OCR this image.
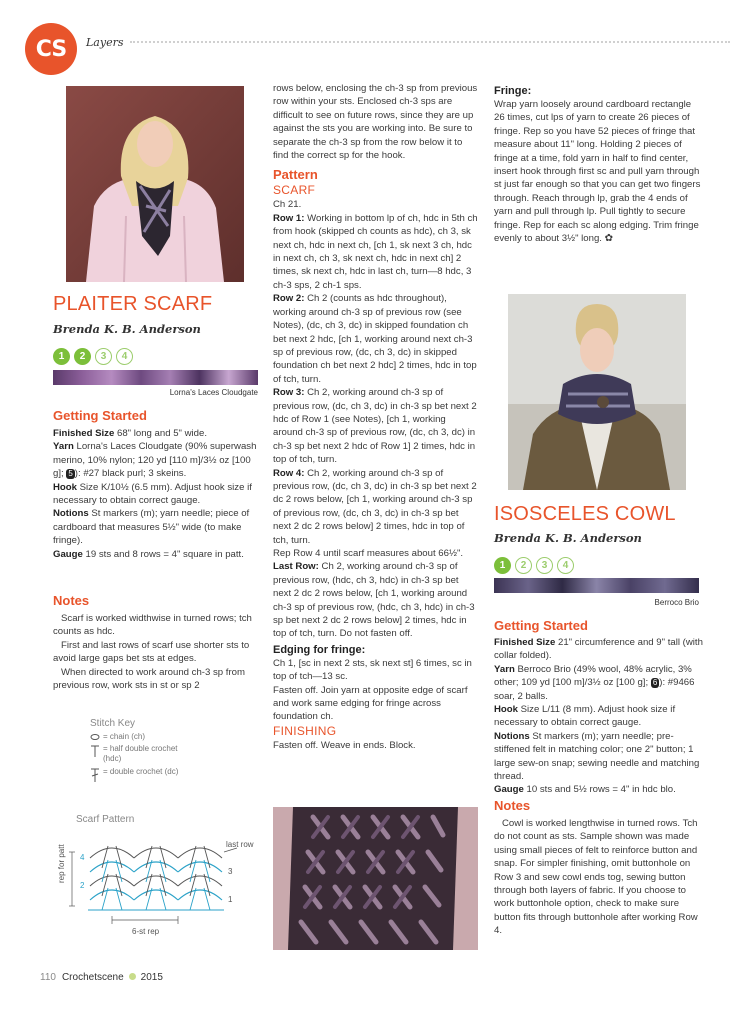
CS	Layers
PLAITER SCARF
Brenda K. B. Anderson
1 2 3 4
Lorna's Laces Cloudgate
Getting Started

Finished Size 68" long and 5" wide.

Yarn Lorna's Laces Cloudgate (90% superwash merino, 10% nylon; 120 yd [110 m]/3½ oz [100 g]; 5 ): #27 black purl; 3 skeins.

Hook Size K/10½ (6.5 mm). Adjust hook size if necessary to obtain correct gauge.

Notions St markers (m); yarn needle; piece of cardboard that measures 5½" wide (to make fringe).

Gauge 19 sts and 8 rows = 4" square in patt.

Notes

Scarf is worked widthwise in turned rows; tch counts as hdc.

First and last rows of scarf use shorter sts to avoid large gaps bet sts at edges.

When directed to work around ch-3 sp from previous row, work sts in st or sp 2

Stitch Key
= chain (ch)
= half double crochet (hdc)
= double crochet (dc)
Scarf Pattern
rep for patt 4
3
2
1
last row
6-st rep

rows below, enclosing the ch-3 sp from previous row within your sts. Enclosed ch-3 sps are difficult to see on future rows, since they are up against the sts you are working into. Be sure to separate the ch-3 sp from the row below it to find the correct sp for the hook.

Pattern
SCARF

Ch 21.

Row 1: Working in bottom lp of ch, hdc in 5th ch from hook (skipped ch counts as hdc), ch 3, sk next ch, hdc in next ch, [ch 1, sk next 3 ch, hdc in next ch, ch 3, sk next ch, hdc in next ch] 2 times, sk next ch, hdc in last ch, turn—8 hdc, 3 ch-3 sps, 2 ch-1 sps.

Row 2: Ch 2 (counts as hdc throughout), working around ch-3 sp of previous row (see Notes), (dc, ch 3, dc) in skipped foundation ch bet next 2 hdc, [ch 1, working around next ch-3 sp of previous row, (dc, ch 3, dc) in skipped foundation ch bet next 2 hdc] 2 times, hdc in top of tch, turn.

Row 3: Ch 2, working around ch-3 sp of previous row, (dc, ch 3, dc) in ch-3 sp bet next 2 hdc of Row 1 (see Notes), [ch 1, working around ch-3 sp of previous row, (dc, ch 3, dc) in ch-3 sp bet next 2 hdc of Row 1] 2 times, hdc in top of tch, turn.

Row 4: Ch 2, working around ch-3 sp of previous row, (dc, ch 3, dc) in ch-3 sp bet next 2 dc 2 rows below, [ch 1, working around ch-3 sp of previous row, (dc, ch 3, dc) in ch-3 sp bet next 2 dc 2 rows below] 2 times, hdc in top of tch, turn.

Rep Row 4 until scarf measures about 66½".

Last Row: Ch 2, working around ch-3 sp of previous row, (hdc, ch 3, hdc) in ch-3 sp bet next 2 dc 2 rows below, [ch 1, working around ch-3 sp of previous row, (hdc, ch 3, hdc) in ch-3 sp bet next 2 dc 2 rows below] 2 times, hdc in top of tch, turn. Do not fasten off.

Edging for fringe:

Ch 1, [sc in next 2 sts, sk next st] 6 times, sc in top of tch—13 sc.

Fasten off. Join yarn at opposite edge of scarf and work same edging for fringe across foundation ch.

FINISHING

Fasten off. Weave in ends. Block.

Fringe:

Wrap yarn loosely around cardboard rectangle 26 times, cut lps of yarn to create 26 pieces of fringe. Rep so you have 52 pieces of fringe that measure about 11" long. Holding 2 pieces of fringe at a time, fold yarn in half to find center, insert hook through first sc and pull yarn through st just far enough so that you can get two fingers through. Reach through lp, grab the 4 ends of yarn and pull through lp. Pull tightly to secure fringe. Rep for each sc along edging. Trim fringe evenly to about 3½" long. ✿

ISOSCELES COWL
Brenda K. B. Anderson
1 2 3 4
Berroco Brio
Getting Started

Finished Size 21" circumference and 9" tall (with collar folded).

Yarn Berroco Brio (49% wool, 48% acrylic, 3% other; 109 yd [100 m]/3½ oz [100 g]; 6 ): #9466 soar, 2 balls.

Hook Size L/11 (8 mm). Adjust hook size if necessary to obtain correct gauge.

Notions St markers (m); yarn needle; pre-stiffened felt in matching color; one 2" button; 1 large sew-on snap; sewing needle and matching thread.

Gauge 10 sts and 5½ rows = 4" in hdc blo.

Notes

Cowl is worked lengthwise in turned rows. Tch do not count as sts. Sample shown was made using small pieces of felt to reinforce button and snap. For simpler finishing, omit buttonhole on Row 3 and sew cowl ends tog, sewing button through both layers of fabric. If you choose to work buttonhole option, check to make sure button fits through buttonhole after working Row 4.

110 Crochetscene 2015
